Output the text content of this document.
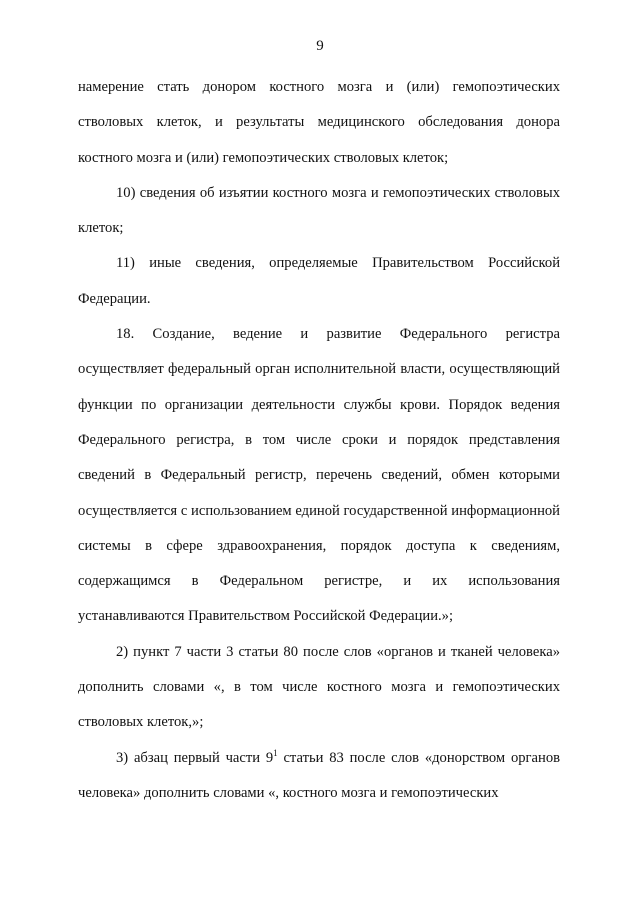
9

намерение стать донором костного мозга и (или) гемопоэтических стволовых клеток, и результаты медицинского обследования донора костного мозга и (или) гемопоэтических стволовых клеток;

10) сведения об изъятии костного мозга и гемопоэтических стволовых клеток;

11) иные сведения, определяемые Правительством Российской Федерации.

18. Создание, ведение и развитие Федерального регистра осуществляет федеральный орган исполнительной власти, осуществляющий функции по организации деятельности службы крови. Порядок ведения Федерального регистра, в том числе сроки и порядок представления сведений в Федеральный регистр, перечень сведений, обмен которыми осуществляется с использованием единой государственной информационной системы в сфере здравоохранения, порядок доступа к сведениям, содержащимся в Федеральном регистре, и их использования устанавливаются Правительством Российской Федерации.»;

2) пункт 7 части 3 статьи 80 после слов «органов и тканей человека» дополнить словами «, в том числе костного мозга и гемопоэтических стволовых клеток,»;

3) абзац первый части $9^1$ статьи 83 после слов «донорством органов человека» дополнить словами «, костного мозга и гемопоэтических
